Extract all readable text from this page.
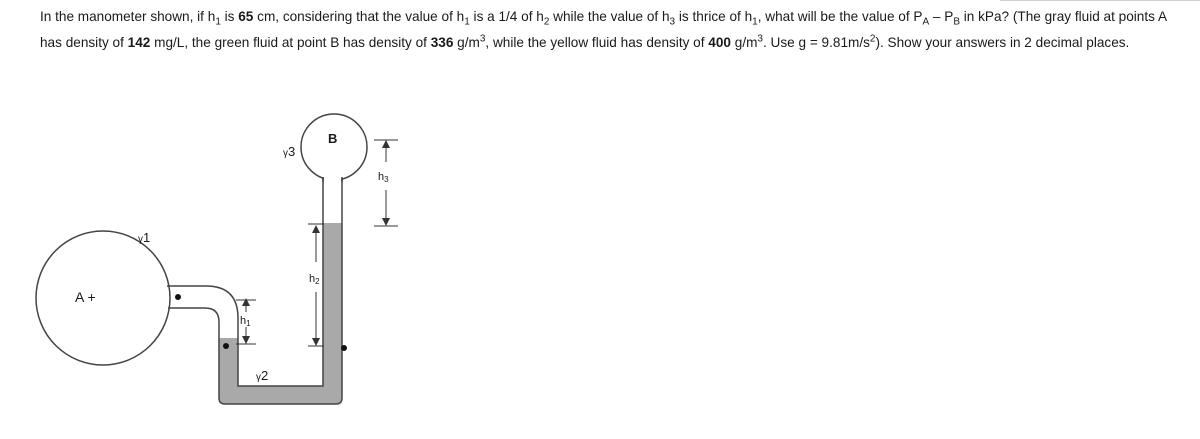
In the manometer shown, if $h_1$ is 65 cm, considering that the value of $h_1$ is a 1/4 of $h_2$ while the value of $h_3$ is thrice of $h_1$, what will be the value of $P_A - P_B$ in kPa? (The gray fluid at points A
has density of 142 mg/L, the green fluid at point B has density of 336 $g/m^3$, while the yellow fluid has density of 400 $g/m^3$. Use $g = 9.81m/s^2$). Show your answers in 2 decimal places.
h1
h2
h3
A +
B
γ1
γ2
γ3
